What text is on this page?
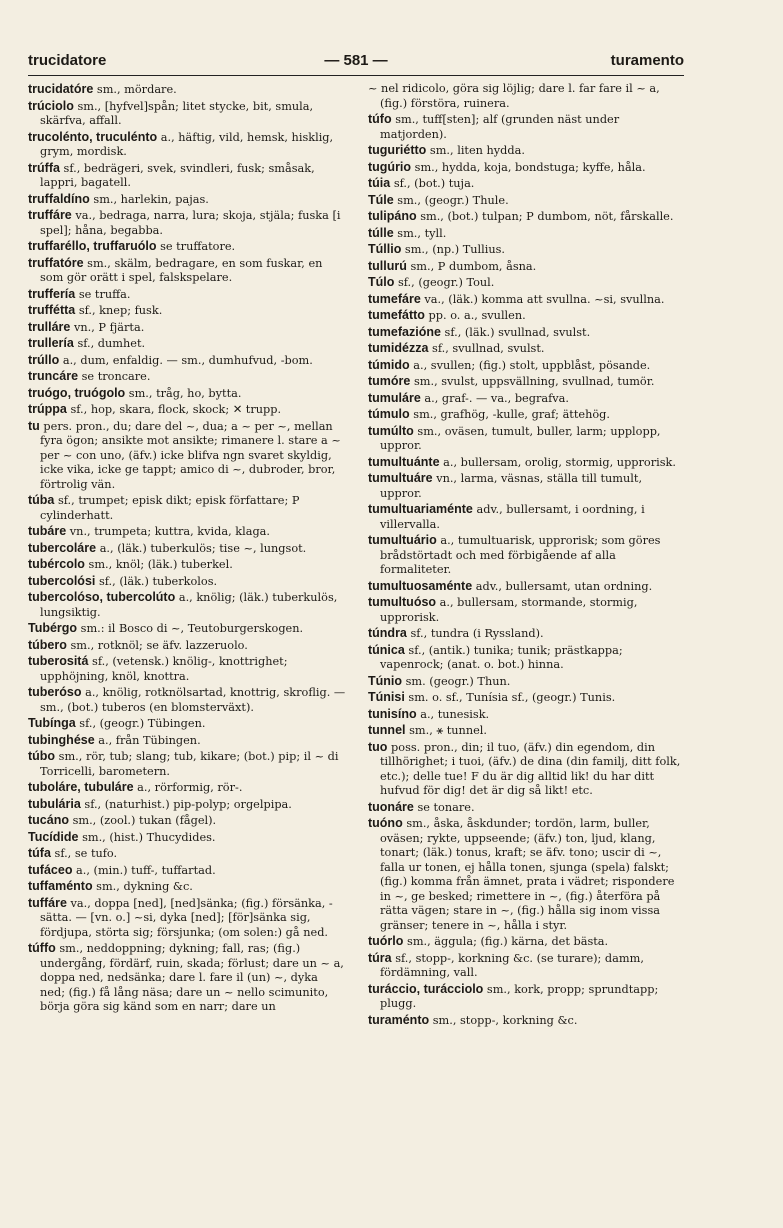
trucidatore	— 581 —	turamento

trucidatóre sm., mördare.

trúciolo sm., [hyfvel]spån; litet stycke, bit, smula, skärfva, affall.

trucolénto, truculénto a., häftig, vild, hemsk, hisklig, grym, mordisk.

trúffa sf., bedrägeri, svek, svindleri, fusk; småsak, lappri, bagatell.

truffaldíno sm., harlekin, pajas.

truffáre va., bedraga, narra, lura; skoja, stjäla; fuska [i spel]; håna, begabba.

truffaréllo, truffaruólo se truffatore.

truffatóre sm., skälm, bedragare, en som fuskar, en som gör orätt i spel, falskspelare.

truffería se truffa.

truffétta sf., knep; fusk.

trulláre vn., P fjärta.

trullería sf., dumhet.

trúllo a., dum, enfaldig. — sm., dumhufvud, -bom.

truncáre se troncare.

truógo, truógolo sm., tråg, ho, bytta.

trúppa sf., hop, skara, flock, skock; ✕ trupp.

tu pers. pron., du; dare del ~, dua; a ~ per ~, mellan fyra ögon; ansikte mot ansikte; rimanere l. stare a ~ per ~ con uno, (äfv.) icke blifva ngn svaret skyldig, icke vika, icke ge tappt; amico di ~, dubroder, bror, förtrolig vän.

túba sf., trumpet; episk dikt; episk författare; P cylinderhatt.

tubáre vn., trumpeta; kuttra, kvida, klaga.

tubercoláre a., (läk.) tuberkulös; tise ~, lungsot.

tubércolo sm., knöl; (läk.) tuberkel.

tubercolósi sf., (läk.) tuberkolos.

tubercolóso, tubercolúto a., knölig; (läk.) tuberkulös, lungsiktig.

Tubérgo sm.: il Bosco di ~, Teutoburgerskogen.

túbero sm., rotknöl; se äfv. lazzeruolo.

tuberositá sf., (vetensk.) knölig-, knottrighet; upphöjning, knöl, knottra.

tuberóso a., knölig, rotknölsartad, knottrig, skroflig. — sm., (bot.) tuberos (en blomsterväxt).

Tubínga sf., (geogr.) Tübingen.

tubinghése a., från Tübingen.

túbo sm., rör, tub; slang; tub, kikare; (bot.) pip; il ~ di Torricelli, barometern.

tuboláre, tubuláre a., rörformig, rör-.

tubulária sf., (naturhist.) pip-polyp; orgelpipa.

tucáno sm., (zool.) tukan (fågel).

Tucídide sm., (hist.) Thucydides.

túfa sf., se tufo.

tufáceo a., (min.) tuff-, tuffartad.

tuffaménto sm., dykning &c.

tuffáre va., doppa [ned], [ned]sänka; (fig.) försänka, -sätta. — [vn. o.] ~si, dyka [ned]; [för]sänka sig, fördjupa, störta sig; försjunka; (om solen:) gå ned.

túffo sm., neddoppning; dykning; fall, ras; (fig.) undergång, fördärf, ruin, skada; förlust; dare un ~ a, doppa ned, nedsänka; dare l. fare il (un) ~, dyka ned; (fig.) få lång näsa; dare un ~ nello scimunito, börja göra sig känd som en narr; dare un

~ nel ridicolo, göra sig löjlig; dare l. far fare il ~ a, (fig.) förstöra, ruinera.

túfo sm., tuff[sten]; alf (grunden näst under matjorden).

tuguriétto sm., liten hydda.

tugúrio sm., hydda, koja, bondstuga; kyffe, håla.

túia sf., (bot.) tuja.

Túle sm., (geogr.) Thule.

tulipáno sm., (bot.) tulpan; P dumbom, nöt, fårskalle.

túlle sm., tyll.

Túllio sm., (np.) Tullius.

tullurú sm., P dumbom, åsna.

Túlo sf., (geogr.) Toul.

tumefáre va., (läk.) komma att svullna. ~si, svullna.

tumefátto pp. o. a., svullen.

tumefazióne sf., (läk.) svullnad, svulst.

tumidézza sf., svullnad, svulst.

túmido a., svullen; (fig.) stolt, uppblåst, pösande.

tumóre sm., svulst, uppsvällning, svullnad, tumör.

tumuláre a., graf-. — va., begrafva.

túmulo sm., grafhög, -kulle, graf; ättehög.

tumúlto sm., oväsen, tumult, buller, larm; upplopp, uppror.

tumultuánte a., bullersam, orolig, stormig, upprorisk.

tumultuáre vn., larma, väsnas, ställa till tumult, uppror.

tumultuariaménte adv., bullersamt, i oordning, i villervalla.

tumultuário a., tumultuarisk, upprorisk; som göres brådstörtadt och med förbigående af alla formaliteter.

tumultuosaménte adv., bullersamt, utan ordning.

tumultuóso a., bullersam, stormande, stormig, upprorisk.

túndra sf., tundra (i Ryssland).

túnica sf., (antik.) tunika; tunik; prästkappa; vapenrock; (anat. o. bot.) hinna.

Túnio sm. (geogr.) Thun.

Túnisi sm. o. sf., Tunísia sf., (geogr.) Tunis.

tunisíno a., tunesisk.

tunnel sm., ⚹ tunnel.

tuo poss. pron., din; il tuo, (äfv.) din egendom, din tillhörighet; i tuoi, (äfv.) de dina (din familj, ditt folk, etc.); delle tue! F du är dig alltid lik! du har ditt hufvud för dig! det är dig så likt! etc.

tuonáre se tonare.

tuóno sm., åska, åskdunder; tordön, larm, buller, oväsen; rykte, uppseende; (äfv.) ton, ljud, klang, tonart; (läk.) tonus, kraft; se äfv. tono; uscir di ~, falla ur tonen, ej hålla tonen, sjunga (spela) falskt; (fig.) komma från ämnet, prata i vädret; rispondere in ~, ge besked; rimettere in ~, (fig.) återföra på rätta vägen; stare in ~, (fig.) hålla sig inom vissa gränser; tenere in ~, hålla i styr.

tuórlo sm., äggula; (fig.) kärna, det bästa.

túra sf., stopp-, korkning &c. (se turare); damm, fördämning, vall.

turáccio, turácciolo sm., kork, propp; sprundtapp; plugg.

turaménto sm., stopp-, korkning &c.
